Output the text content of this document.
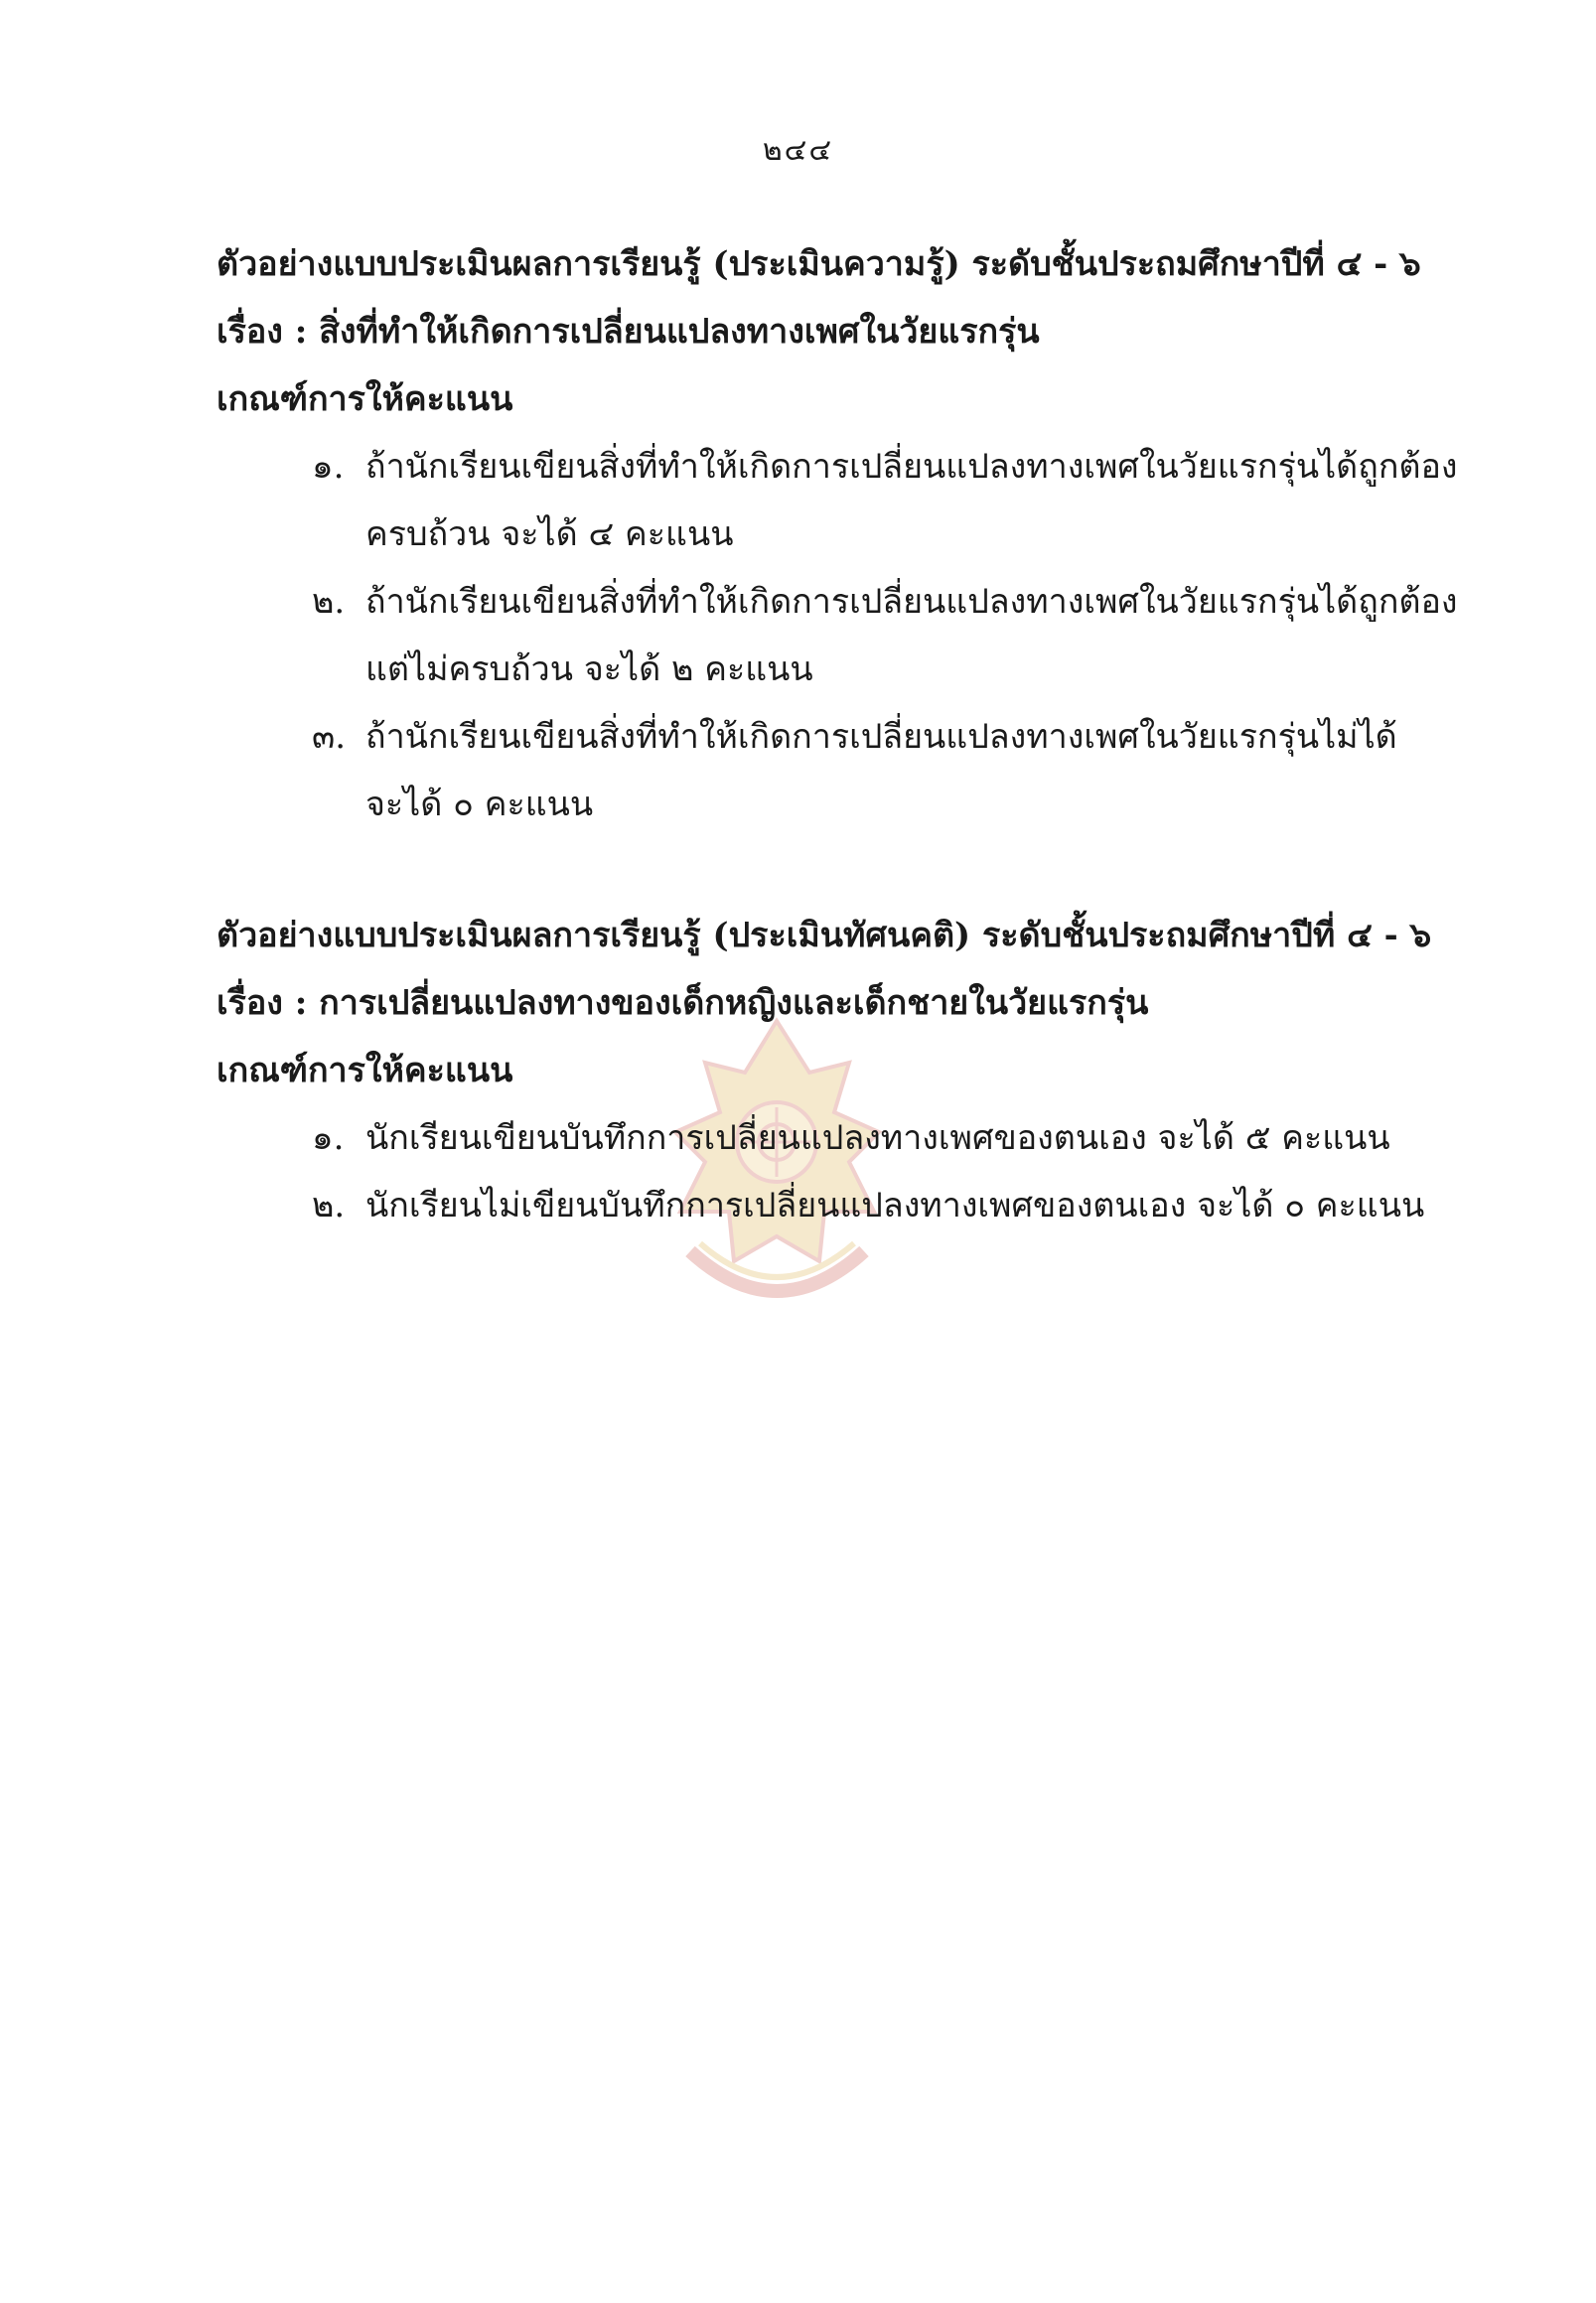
๒๔๔
ตัวอย่างแบบประเมินผลการเรียนรู้ (ประเมินความรู้) ระดับชั้นประถมศึกษาปีที่ ๔ - ๖
เรื่อง : สิ่งที่ทำให้เกิดการเปลี่ยนแปลงทางเพศในวัยแรกรุ่น
เกณฑ์การให้คะแนน
๑. ถ้านักเรียนเขียนสิ่งที่ทำให้เกิดการเปลี่ยนแปลงทางเพศในวัยแรกรุ่นได้ถูกต้อง
ครบถ้วน จะได้ ๔ คะแนน
๒. ถ้านักเรียนเขียนสิ่งที่ทำให้เกิดการเปลี่ยนแปลงทางเพศในวัยแรกรุ่นได้ถูกต้อง
แต่ไม่ครบถ้วน จะได้ ๒ คะแนน
๓. ถ้านักเรียนเขียนสิ่งที่ทำให้เกิดการเปลี่ยนแปลงทางเพศในวัยแรกรุ่นไม่ได้
จะได้ ๐ คะแนน
ตัวอย่างแบบประเมินผลการเรียนรู้ (ประเมินทัศนคติ) ระดับชั้นประถมศึกษาปีที่ ๔ - ๖
เรื่อง : การเปลี่ยนแปลงทางของเด็กหญิงและเด็กชายในวัยแรกรุ่น
เกณฑ์การให้คะแนน
๑. นักเรียนเขียนบันทึกการเปลี่ยนแปลงทางเพศของตนเอง จะได้ ๕ คะแนน
๒. นักเรียนไม่เขียนบันทึกการเปลี่ยนแปลงทางเพศของตนเอง จะได้ ๐ คะแนน
